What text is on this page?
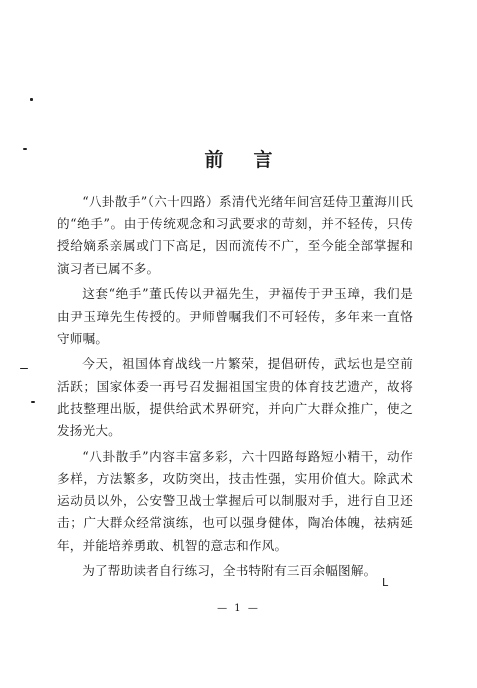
前言

“八卦散手”（六十四路）系清代光绪年间宫廷侍卫董海川氏的“绝手”。由于传统观念和习武要求的苛刻，并不轻传，只传授给嫡系亲属或门下高足，因而流传不广，至今能全部掌握和演习者已属不多。

这套“绝手”董氏传以尹福先生，尹福传于尹玉璋，我们是由尹玉璋先生传授的。尹师曾嘱我们不可轻传，多年来一直恪守师嘱。

今天，祖国体育战线一片繁荣，提倡研传，武坛也是空前活跃；国家体委一再号召发掘祖国宝贵的体育技艺遗产，故将此技整理出版，提供给武术界研究，并向广大群众推广，使之发扬光大。

“八卦散手”内容丰富多彩，六十四路每路短小精干，动作多样，方法繁多，攻防突出，技击性强，实用价值大。除武术运动员以外，公安警卫战士掌握后可以制服对手，进行自卫还击；广大群众经常演练，也可以强身健体，陶冶体魄，祛病延年，并能培养勇敢、机智的意志和作风。

为了帮助读者自行练习，全书特附有三百余幅图解。

L
— 1 —
